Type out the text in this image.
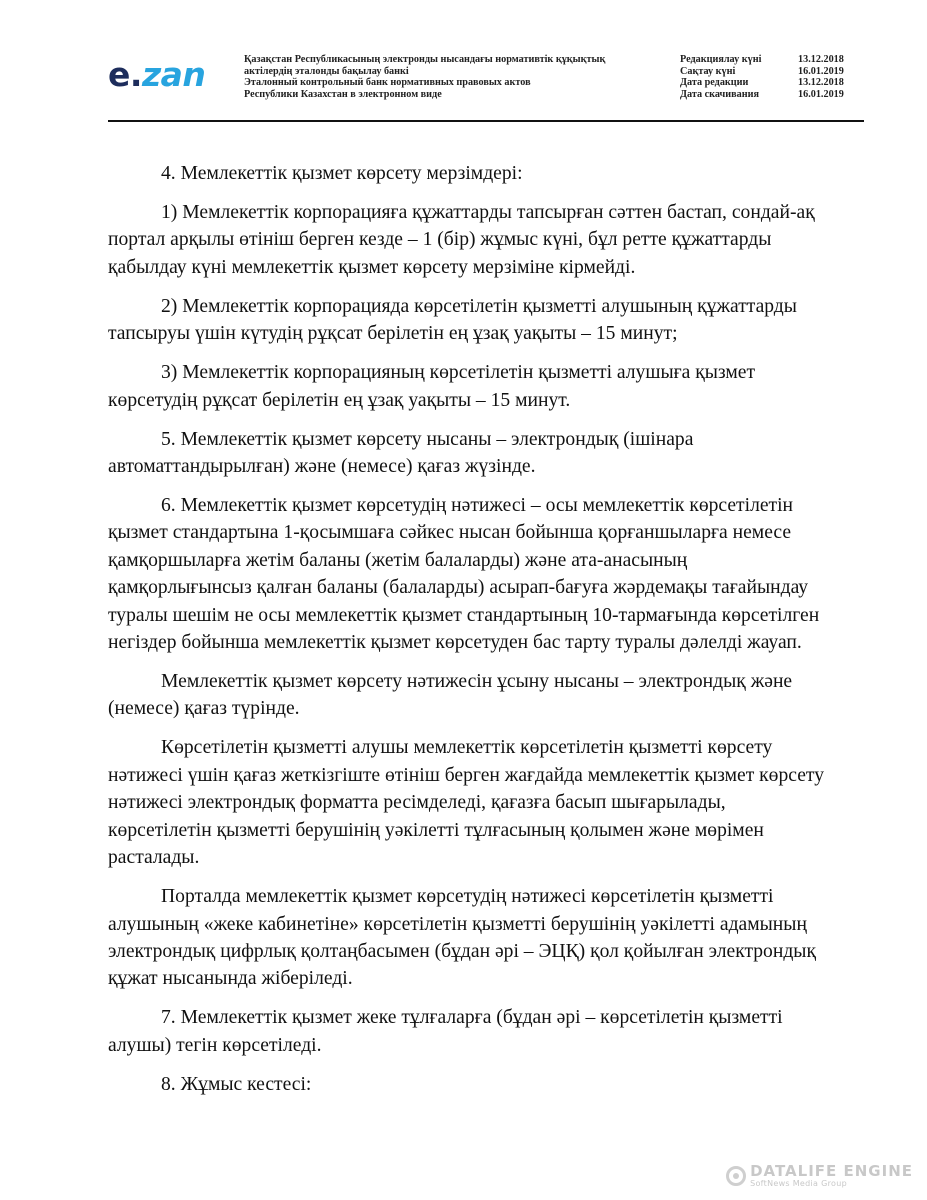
e.zan	Қазақстан Республикасының электронды нысандағы нормативтік құқықтық
актілердің эталонды бақылау банкі
Эталонный контрольный банк нормативных правовых актов
Республики Казахстан в электронном виде
Редакциялау күні	13.12.2018
Сақтау күні	16.01.2019
Дата редакции	13.12.2018
Дата скачивания	16.01.2019

4. Мемлекеттік қызмет көрсету мерзімдері:

1) Мемлекеттік корпорацияға құжаттарды тапсырған сәттен бастап, сондай-ақ портал арқылы өтініш берген кезде – 1 (бір) жұмыс күні, бұл ретте құжаттарды қабылдау күні мемлекеттік қызмет көрсету мерзіміне кірмейді.

2) Мемлекеттік корпорацияда көрсетілетін қызметті алушының құжаттарды тапсыруы үшін күтудің рұқсат берілетін ең ұзақ уақыты – 15 минут;

3) Мемлекеттік корпорацияның көрсетілетін қызметті алушыға қызмет көрсетудің рұқсат берілетін ең ұзақ уақыты – 15 минут.

5. Мемлекеттік қызмет көрсету нысаны – электрондық (ішінара автоматтандырылған) және (немесе) қағаз жүзінде.

6. Мемлекеттік қызмет көрсетудің нәтижесі – осы мемлекеттік көрсетілетін қызмет стандартына 1-қосымшаға сәйкес нысан бойынша қорғаншыларға немесе қамқоршыларға жетім баланы (жетім балаларды) және ата-анасының қамқорлығынсыз қалған баланы (балаларды) асырап-бағуға жәрдемақы тағайындау туралы шешім не осы мемлекеттік қызмет стандартының 10-тармағында көрсетілген негіздер бойынша мемлекеттік қызмет көрсетуден бас тарту туралы дәлелді жауап.

Мемлекеттік қызмет көрсету нәтижесін ұсыну нысаны – электрондық және (немесе) қағаз түрінде.

Көрсетілетін қызметті алушы мемлекеттік көрсетілетін қызметті көрсету нәтижесі үшін қағаз жеткізгіште өтініш берген жағдайда мемлекеттік қызмет көрсету нәтижесі электрондық форматта ресімделеді, қағазға басып шығарылады, көрсетілетін қызметті берушінің уәкілетті тұлғасының қолымен және мөрімен расталады.

Порталда мемлекеттік қызмет көрсетудің нәтижесі көрсетілетін қызметті алушының «жеке кабинетіне» көрсетілетін қызметті берушінің уәкілетті адамының электрондық цифрлық қолтаңбасымен (бұдан әрі – ЭЦҚ) қол қойылған электрондық құжат нысанында жіберіледі.

7. Мемлекеттік қызмет жеке тұлғаларға (бұдан әрі – көрсетілетін қызметті алушы) тегін көрсетіледі.

8. Жұмыс кестесі:

DATALIFE ENGINE
SoftNews Media Group
